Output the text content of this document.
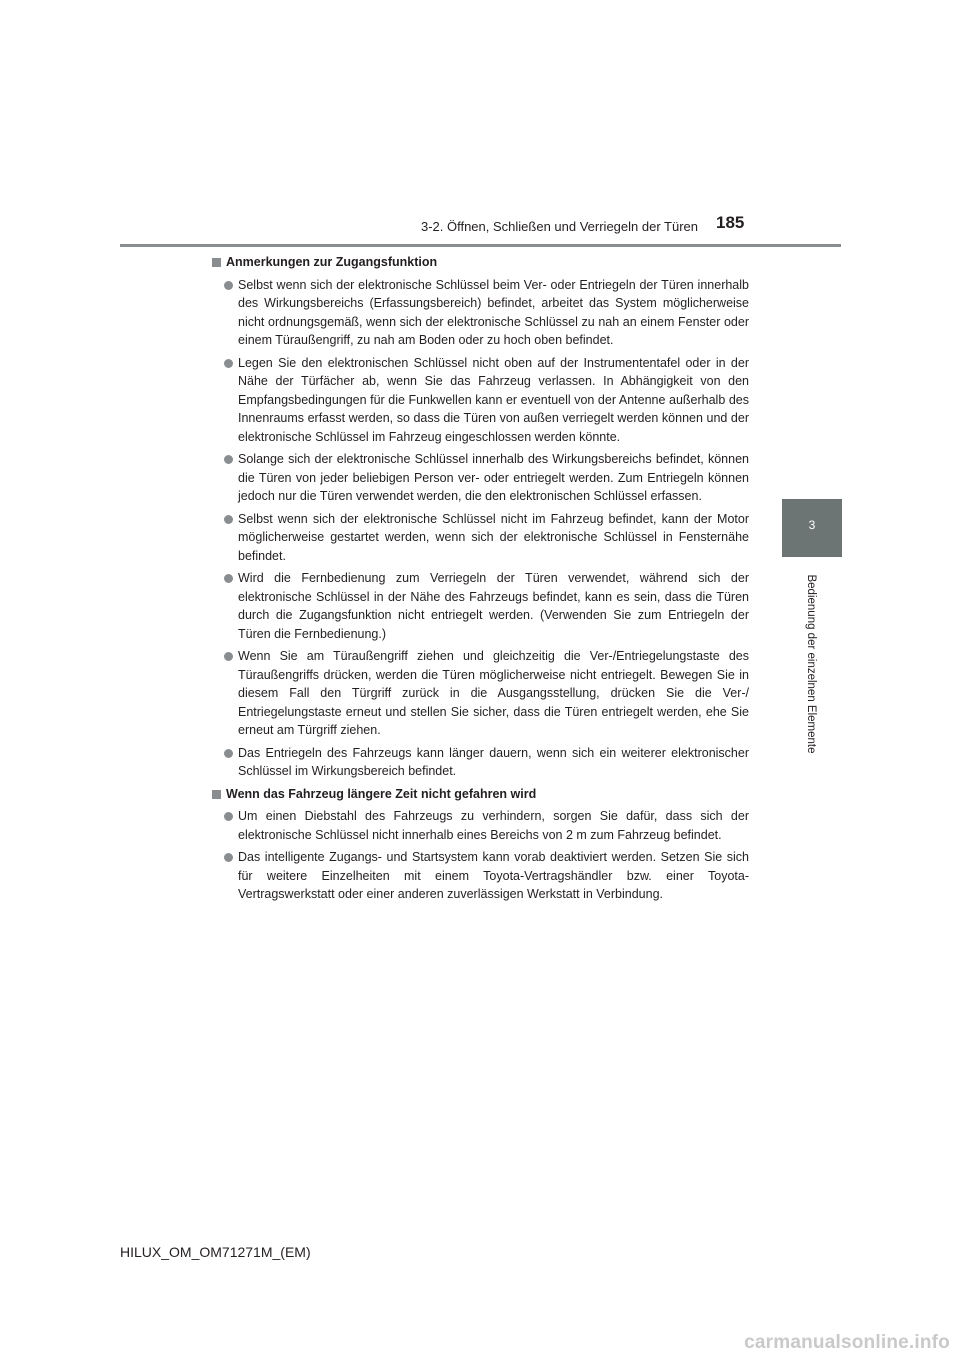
3-2. Öffnen, Schließen und Verriegeln der Türen 185
3
Bedienung der einzelnen Elemente
Anmerkungen zur Zugangsfunktion
Selbst wenn sich der elektronische Schlüssel beim Ver- oder Entriegeln der Türen innerhalb des Wirkungsbereichs (Erfassungsbereich) befindet, arbeitet das System möglicherweise nicht ordnungsgemäß, wenn sich der elektronische Schlüssel zu nah an einem Fenster oder einem Türaußengriff, zu nah am Boden oder zu hoch oben befindet.
Legen Sie den elektronischen Schlüssel nicht oben auf der Instrumententafel oder in der Nähe der Türfächer ab, wenn Sie das Fahrzeug verlassen. In Abhängigkeit von den Empfangsbedingungen für die Funkwellen kann er eventuell von der Antenne außerhalb des Innenraums erfasst werden, so dass die Türen von außen verriegelt werden können und der elektronische Schlüssel im Fahrzeug eingeschlossen werden könnte.
Solange sich der elektronische Schlüssel innerhalb des Wirkungsbereichs befindet, können die Türen von jeder beliebigen Person ver- oder entriegelt werden. Zum Entriegeln können jedoch nur die Türen verwendet werden, die den elektronischen Schlüssel erfassen.
Selbst wenn sich der elektronische Schlüssel nicht im Fahrzeug befindet, kann der Motor möglicherweise gestartet werden, wenn sich der elektronische Schlüssel in Fensternähe befindet.
Wird die Fernbedienung zum Verriegeln der Türen verwendet, während sich der elektronische Schlüssel in der Nähe des Fahrzeugs befindet, kann es sein, dass die Türen durch die Zugangsfunktion nicht entriegelt werden. (Verwenden Sie zum Entriegeln der Türen die Fernbedienung.)
Wenn Sie am Türaußengriff ziehen und gleichzeitig die Ver-/Entriegelungstaste des Türaußengriffs drücken, werden die Türen möglicherweise nicht entriegelt. Bewegen Sie in diesem Fall den Türgriff zurück in die Ausgangsstellung, drücken Sie die Ver-/ Entriegelungstaste erneut und stellen Sie sicher, dass die Türen entriegelt werden, ehe Sie erneut am Türgriff ziehen.
Das Entriegeln des Fahrzeugs kann länger dauern, wenn sich ein weiterer elektronischer Schlüssel im Wirkungsbereich befindet.
Wenn das Fahrzeug längere Zeit nicht gefahren wird
Um einen Diebstahl des Fahrzeugs zu verhindern, sorgen Sie dafür, dass sich der elektronische Schlüssel nicht innerhalb eines Bereichs von 2 m zum Fahrzeug befindet.
Das intelligente Zugangs- und Startsystem kann vorab deaktiviert werden. Setzen Sie sich für weitere Einzelheiten mit einem Toyota-Vertragshändler bzw. einer Toyota-Vertragswerkstatt oder einer anderen zuverlässigen Werkstatt in Verbindung.
HILUX_OM_OM71271M_(EM)
carmanualsonline.info
